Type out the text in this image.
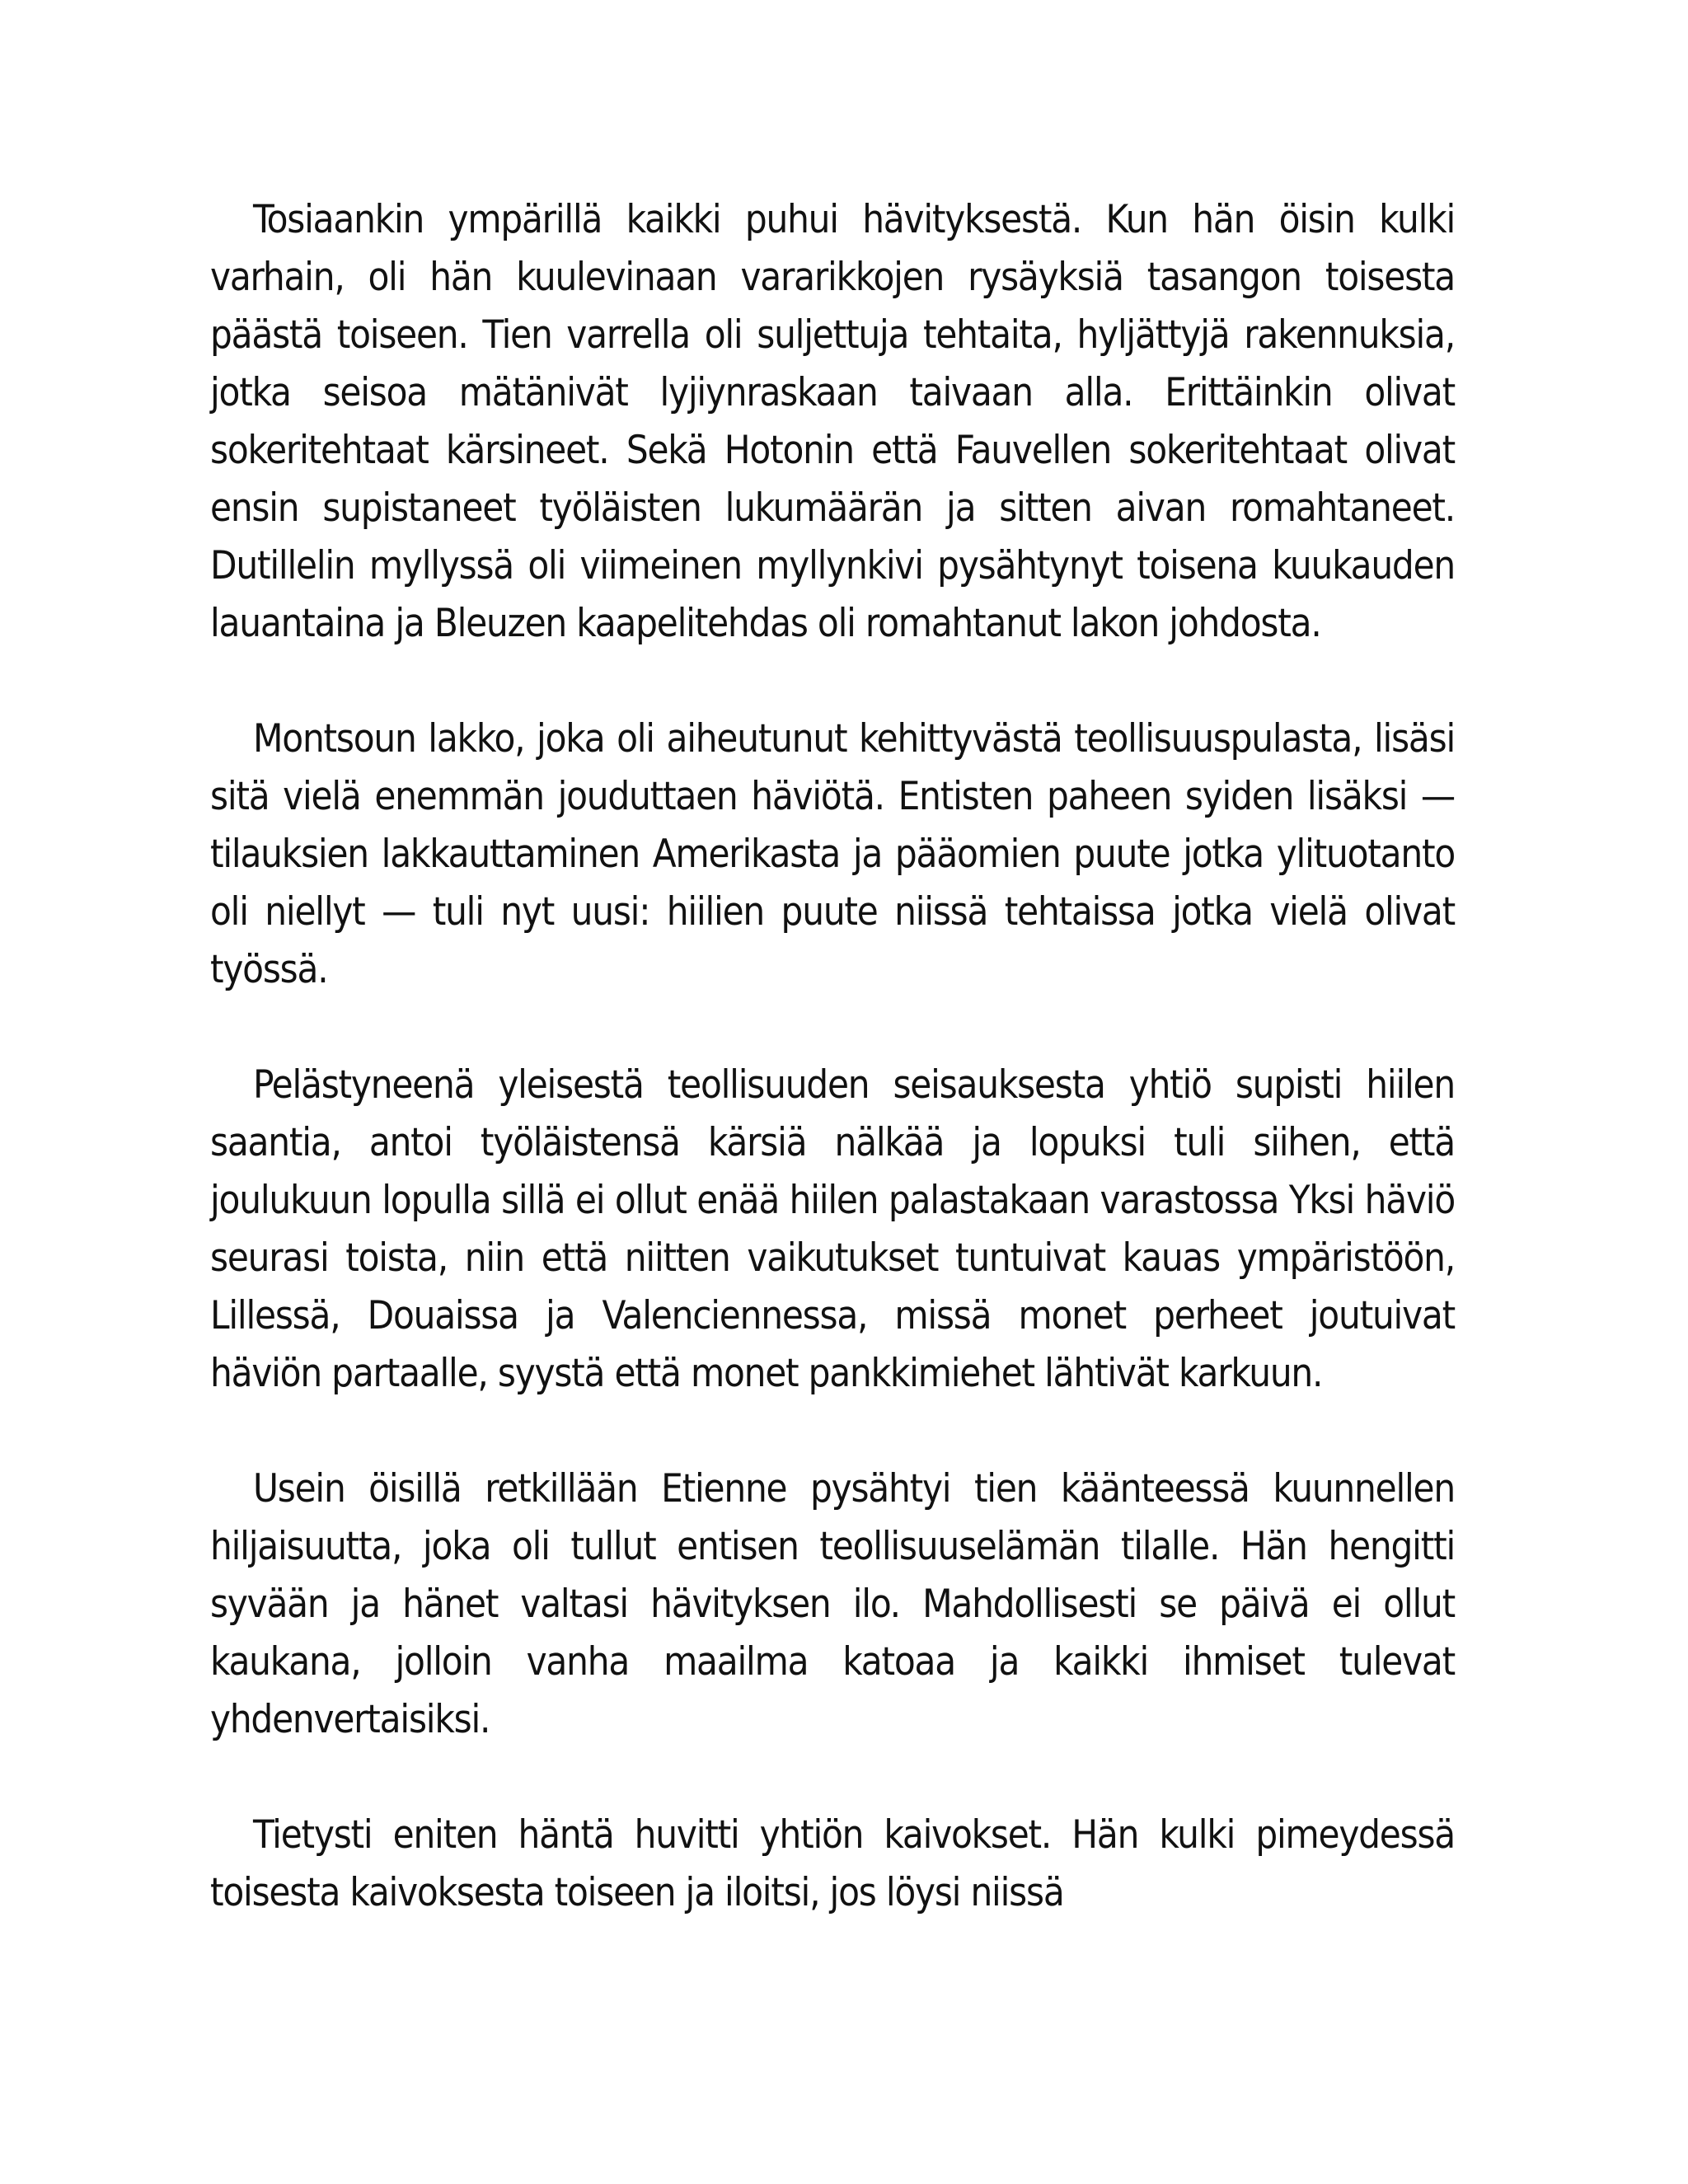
Tosiaankin ympärillä kaikki puhui hävityksestä. Kun hän öisin kulki varhain, oli hän kuulevinaan vararikkojen rysäyksiä tasangon toisesta päästä toiseen. Tien varrella oli suljettuja tehtaita, hyljättyjä rakennuksia, jotka seisoa mätänivät lyjiynraskaan taivaan alla. Erittäinkin olivat sokeritehtaat kärsineet. Sekä Hotonin että Fauvellen sokeritehtaat olivat ensin supistaneet työläisten lukumäärän ja sitten aivan romahtaneet. Dutillelin myllyssä oli viimeinen myllynkivi pysähtynyt toisena kuukauden lauantaina ja Bleuzen kaapelitehdas oli romahtanut lakon johdosta.

Montsoun lakko, joka oli aiheutunut kehittyvästä teollisuuspulasta, lisäsi sitä vielä enemmän jouduttaen häviötä. Entisten paheen syiden lisäksi — tilauksien lakkauttaminen Amerikasta ja pääomien puute jotka ylituotanto oli niellyt — tuli nyt uusi: hiilien puute niissä tehtaissa jotka vielä olivat työssä.

Pelästyneenä yleisestä teollisuuden seisauksesta yhtiö supisti hiilen saantia, antoi työläistensä kärsiä nälkää ja lopuksi tuli siihen, että joulukuun lopulla sillä ei ollut enää hiilen palastakaan varastossa Yksi häviö seurasi toista, niin että niitten vaikutukset tuntuivat kauas ympäristöön, Lillessä, Douaissa ja Valenciennessa, missä monet perheet joutuivat häviön partaalle, syystä että monet pankkimiehet lähtivät karkuun.

Usein öisillä retkillään Etienne pysähtyi tien käänteessä kuunnellen hiljaisuutta, joka oli tullut entisen teollisuuselämän tilalle. Hän hengitti syvään ja hänet valtasi hävityksen ilo. Mahdollisesti se päivä ei ollut kaukana, jolloin vanha maailma katoaa ja kaikki ihmiset tulevat yhdenvertaisiksi.

Tietysti eniten häntä huvitti yhtiön kaivokset. Hän kulki pimeydessä toisesta kaivoksesta toiseen ja iloitsi, jos löysi niissä
